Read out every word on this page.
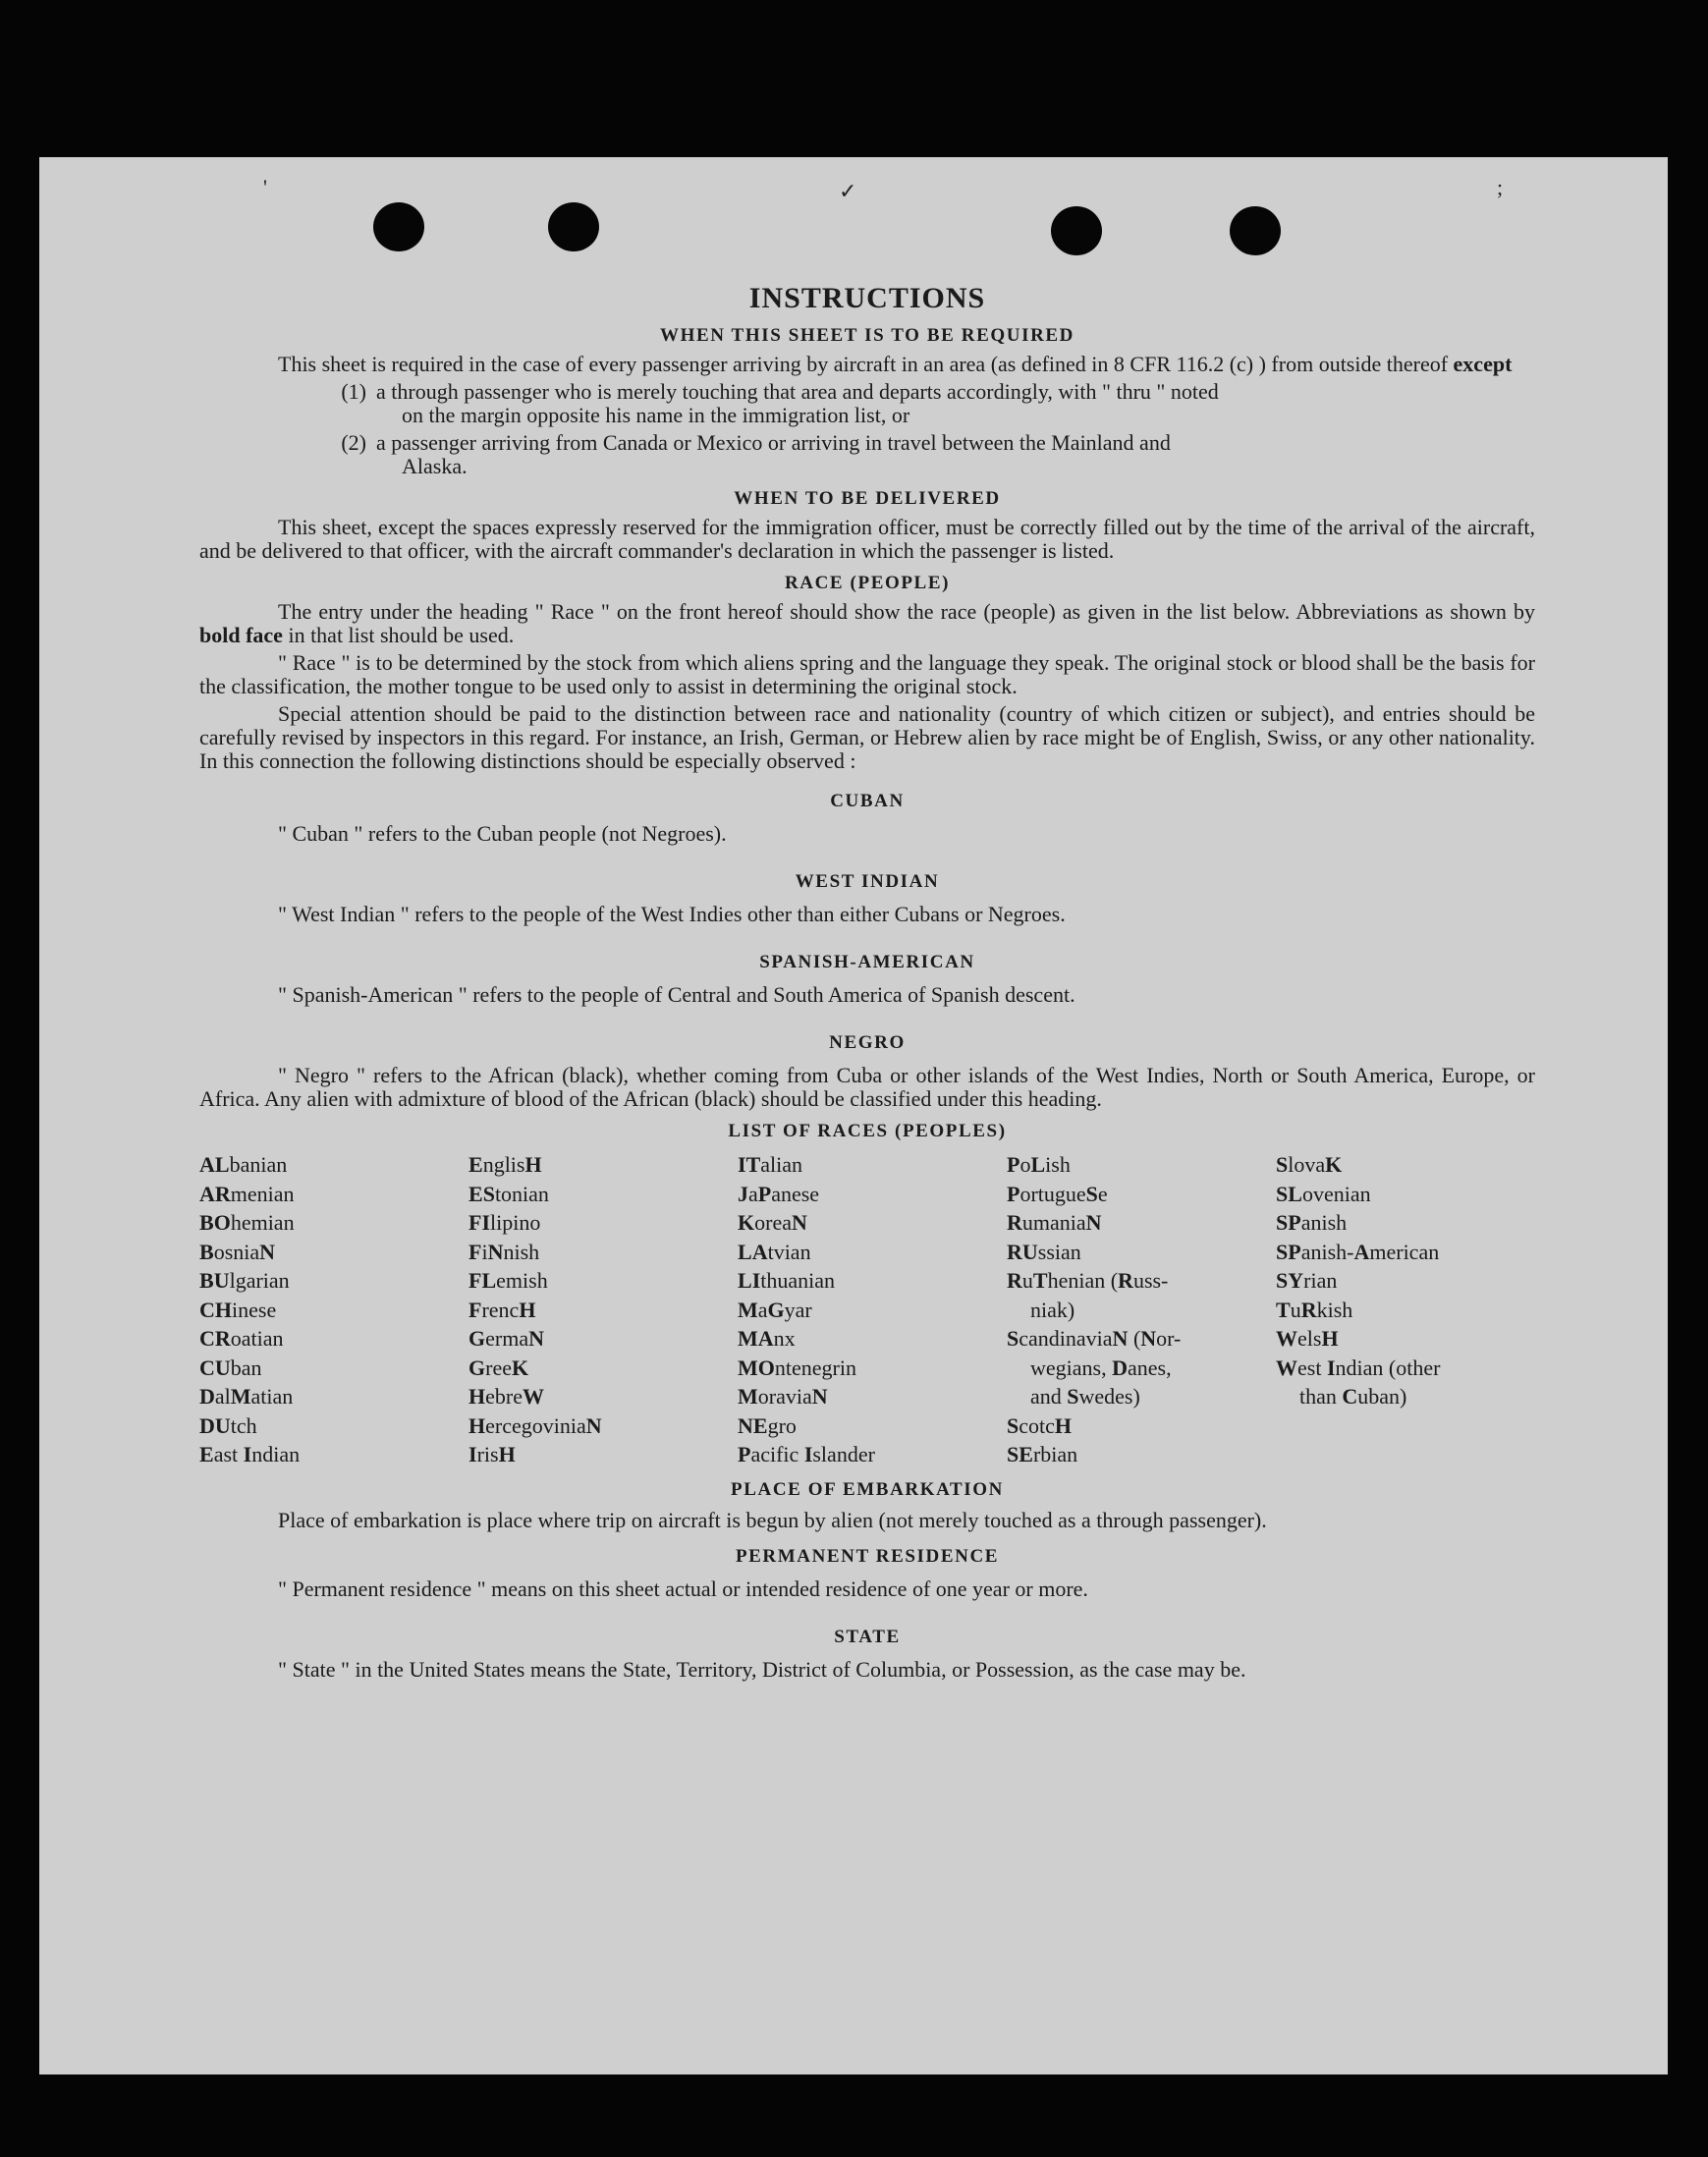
'	✓	;
INSTRUCTIONS
WHEN THIS SHEET IS TO BE REQUIRED

This sheet is required in the case of every passenger arriving by aircraft in an area (as defined in 8 CFR 116.2 (c) ) from outside thereof except

(1) a through passenger who is merely touching that area and departs accordingly, with " thru " noted
on the margin opposite his name in the immigration list, or
(2) a passenger arriving from Canada or Mexico or arriving in travel between the Mainland and
Alaska.
WHEN TO BE DELIVERED

This sheet, except the spaces expressly reserved for the immigration officer, must be correctly filled out by the time of the arrival of the aircraft, and be delivered to that officer, with the aircraft commander's declaration in which the passenger is listed.

RACE (PEOPLE)

The entry under the heading " Race " on the front hereof should show the race (people) as given in the list below. Abbreviations as shown by bold face in that list should be used.

" Race " is to be determined by the stock from which aliens spring and the language they speak. The original stock or blood shall be the basis for the classification, the mother tongue to be used only to assist in determining the original stock.

Special attention should be paid to the distinction between race and nationality (country of which citizen or subject), and entries should be carefully revised by inspectors in this regard. For instance, an Irish, German, or Hebrew alien by race might be of English, Swiss, or any other nationality. In this connection the following distinctions should be especially observed :

CUBAN

" Cuban " refers to the Cuban people (not Negroes).

WEST INDIAN

" West Indian " refers to the people of the West Indies other than either Cubans or Negroes.

SPANISH-AMERICAN

" Spanish-American " refers to the people of Central and South America of Spanish descent.

NEGRO

" Negro " refers to the African (black), whether coming from Cuba or other islands of the West Indies, North or South America, Europe, or Africa. Any alien with admixture of blood of the African (black) should be classified under this heading.

LIST OF RACES (PEOPLES)
ALbanian	EnglisH	ITalian	PoLish	SlovaK
ARmenian	EStonian	JaPanese	PortugueSe	SLovenian
BOhemian	FIlipino	KoreaN	RumaniaN	SPanish
BosniaN	FiNnish	LAtvian	RUssian	SPanish-American
BUlgarian	FLemish	LIthuanian	RuThenian (Russ-	SYrian
CHinese	FrencH	MaGyar	niak)	TuRkish
CRoatian	GermaN	MAnx	ScandinaviaN (Nor-	WelsH
CUban	GreeK	MOntenegrin	wegians, Danes,	West Indian (other
DalMatian	HebreW	MoraviaN	and Swedes)	than Cuban)
DUtch	HercegoviniaN	NEgro	ScotcH
East Indian	IrisH	Pacific Islander	SErbian
PLACE OF EMBARKATION

Place of embarkation is place where trip on aircraft is begun by alien (not merely touched as a through passenger).

PERMANENT RESIDENCE

" Permanent residence " means on this sheet actual or intended residence of one year or more.

STATE

" State " in the United States means the State, Territory, District of Columbia, or Possession, as the case may be.
